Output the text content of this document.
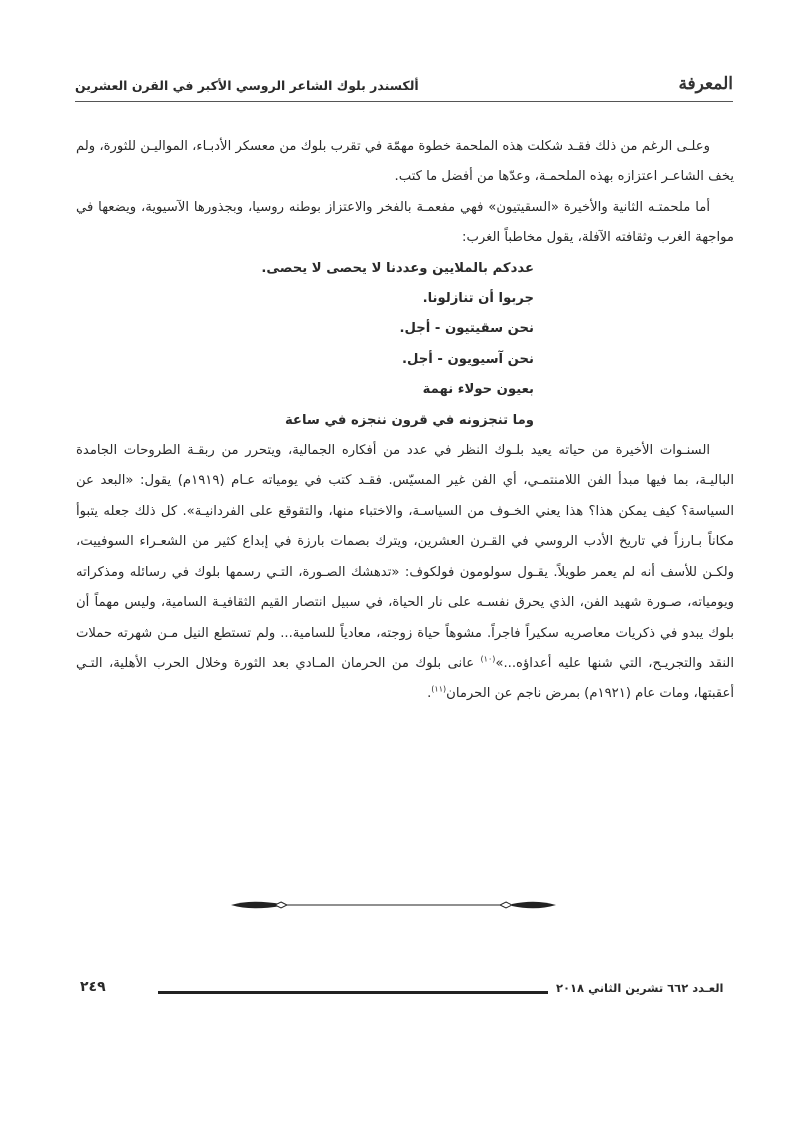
المعرفة
ألكسندر بلوك الشاعر الروسي الأكبر في القرن العشرين

وعلـى الرغم من ذلك فقـد شكلت هذه الملحمة خطوة مهمّة في تقرب بلوك من معسكر الأدبـاء، المواليـن للثورة، ولم يخف الشاعـر اعتزازه بهذه الملحمـة، وعدّها من أفضل ما كتب.

أما ملحمتـه الثانية والأخيرة «السقيتيون» فهي مفعمـة بالفخر والاعتزاز بوطنه روسيا، وبجذورها الآسيوية، ويضعها في مواجهة الغرب وثقافته الآفلة، يقول مخاطباً الغرب:

عددكم بالملايين وعددنا لا يحصى لا يحصى.

جربوا أن تنازلونا.

نحن سقيتيون - أجل.

نحن آسيويون - أجل.

بعيون حولاء نهمة

وما تنجزونه في قرون ننجزه في ساعة

السنـوات الأخيرة من حياته يعيد بلـوك النظر في عدد من أفكاره الجمالية، ويتحرر من ربقـة الطروحات الجامدة الباليـة، بما فيها مبدأ الفن اللامنتمـي، أي الفن غير المسيّس. فقـد كتب في يومياته عـام (١٩١٩م) يقول: «البعد عن السياسة؟ كيف يمكن هذا؟ هذا يعني الخـوف من السياسـة، والاختباء منها، والتقوقع على الفردانيـة». كل ذلك جعله يتبوأ مكاناً بـارزاً في تاريخ الأدب الروسي في القـرن العشرين، ويترك بصمات بارزة في إبداع كثير من الشعـراء السوفييت، ولكـن للأسف أنه لم يعمر طويلاً. يقـول سولومون فولكوف: «تدهشك الصـورة، التـي رسمها بلوك في رسائله ومذكراته ويومياته، صـورة شهيد الفن، الذي يحرق نفسـه على نار الحياة، في سبيل انتصار القيم الثقافيـة السامية، وليس مهماً أن بلوك يبدو في ذكريات معاصريه سكيراً فاجراً. مشوهاً حياة زوجته، معادياً للسامية... ولم تستطع النيل مـن شهرته حملات النقد والتجريـح، التي شنها عليه أعداؤه...»$^{(١٠)}$ عانى بلوك من الحرمان المـادي بعد الثورة وخلال الحرب الأهلية، التـي أعقبتها، ومات عام (١٩٢١م) بمرض ناجم عن الحرمان$^{(١١)}$.

٢٤٩	العـدد ٦٦٢ تشرين الثاني ٢٠١٨
